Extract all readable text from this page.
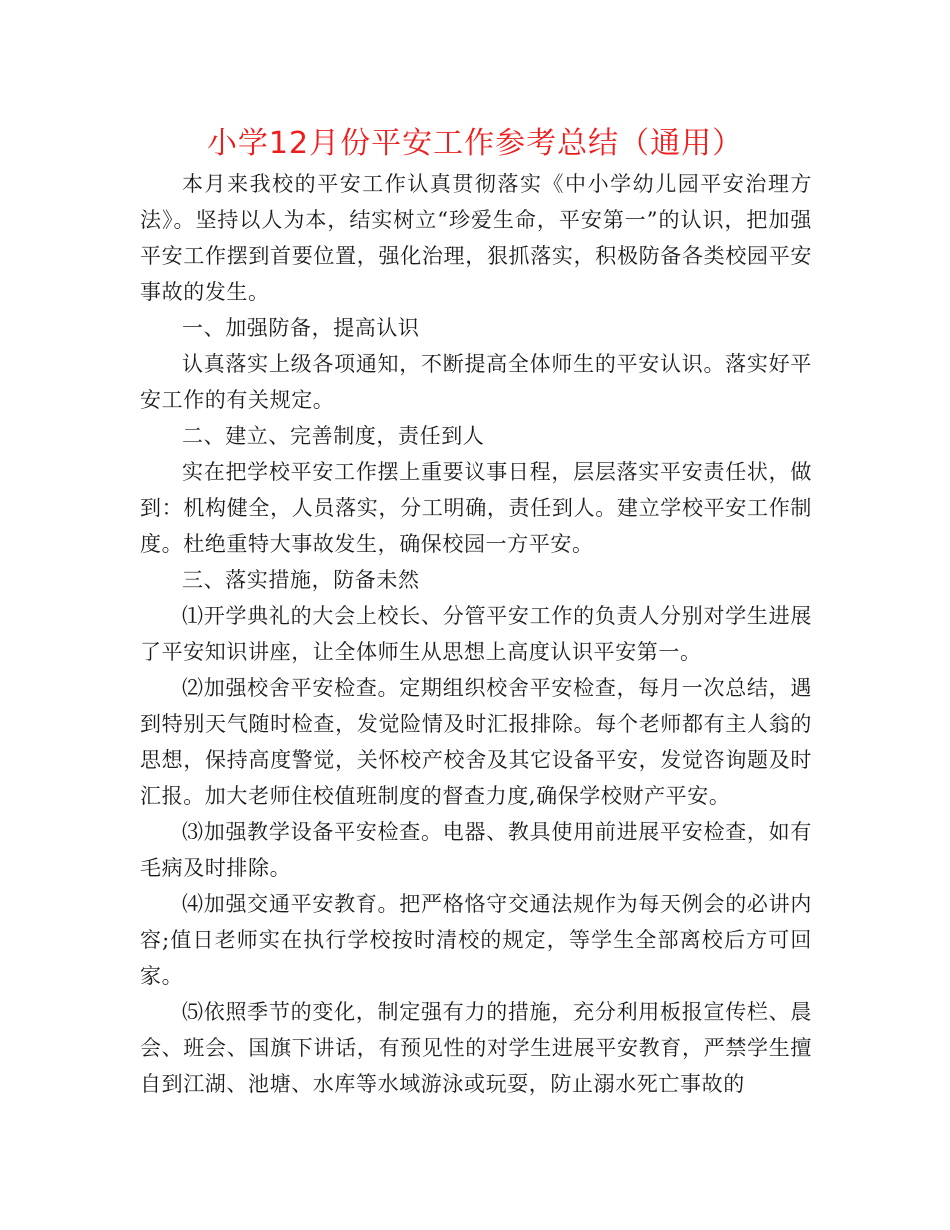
小学12月份平安工作参考总结（通用）

本月来我校的平安工作认真贯彻落实《中小学幼儿园平安治理方法》。坚持以人为本，结实树立“珍爱生命，平安第一”的认识，把加强平安工作摆到首要位置，强化治理，狠抓落实，积极防备各类校园平安事故的发生。

一、加强防备，提高认识

认真落实上级各项通知，不断提高全体师生的平安认识。落实好平安工作的有关规定。

二、建立、完善制度，责任到人

实在把学校平安工作摆上重要议事日程，层层落实平安责任状，做到：机构健全，人员落实，分工明确，责任到人。建立学校平安工作制度。杜绝重特大事故发生，确保校园一方平安。

三、落实措施，防备未然

⑴开学典礼的大会上校长、分管平安工作的负责人分别对学生进展了平安知识讲座，让全体师生从思想上高度认识平安第一。

⑵加强校舍平安检查。定期组织校舍平安检查，每月一次总结，遇到特别天气随时检查，发觉险情及时汇报排除。每个老师都有主人翁的思想，保持高度警觉，关怀校产校舍及其它设备平安，发觉咨询题及时汇报。加大老师住校值班制度的督查力度,确保学校财产平安。

⑶加强教学设备平安检查。电器、教具使用前进展平安检查，如有毛病及时排除。

⑷加强交通平安教育。把严格恪守交通法规作为每天例会的必讲内容;值日老师实在执行学校按时清校的规定，等学生全部离校后方可回家。

⑸依照季节的变化，制定强有力的措施，充分利用板报宣传栏、晨会、班会、国旗下讲话，有预见性的对学生进展平安教育，严禁学生擅自到江湖、池塘、水库等水域游泳或玩耍，防止溺水死亡事故的
